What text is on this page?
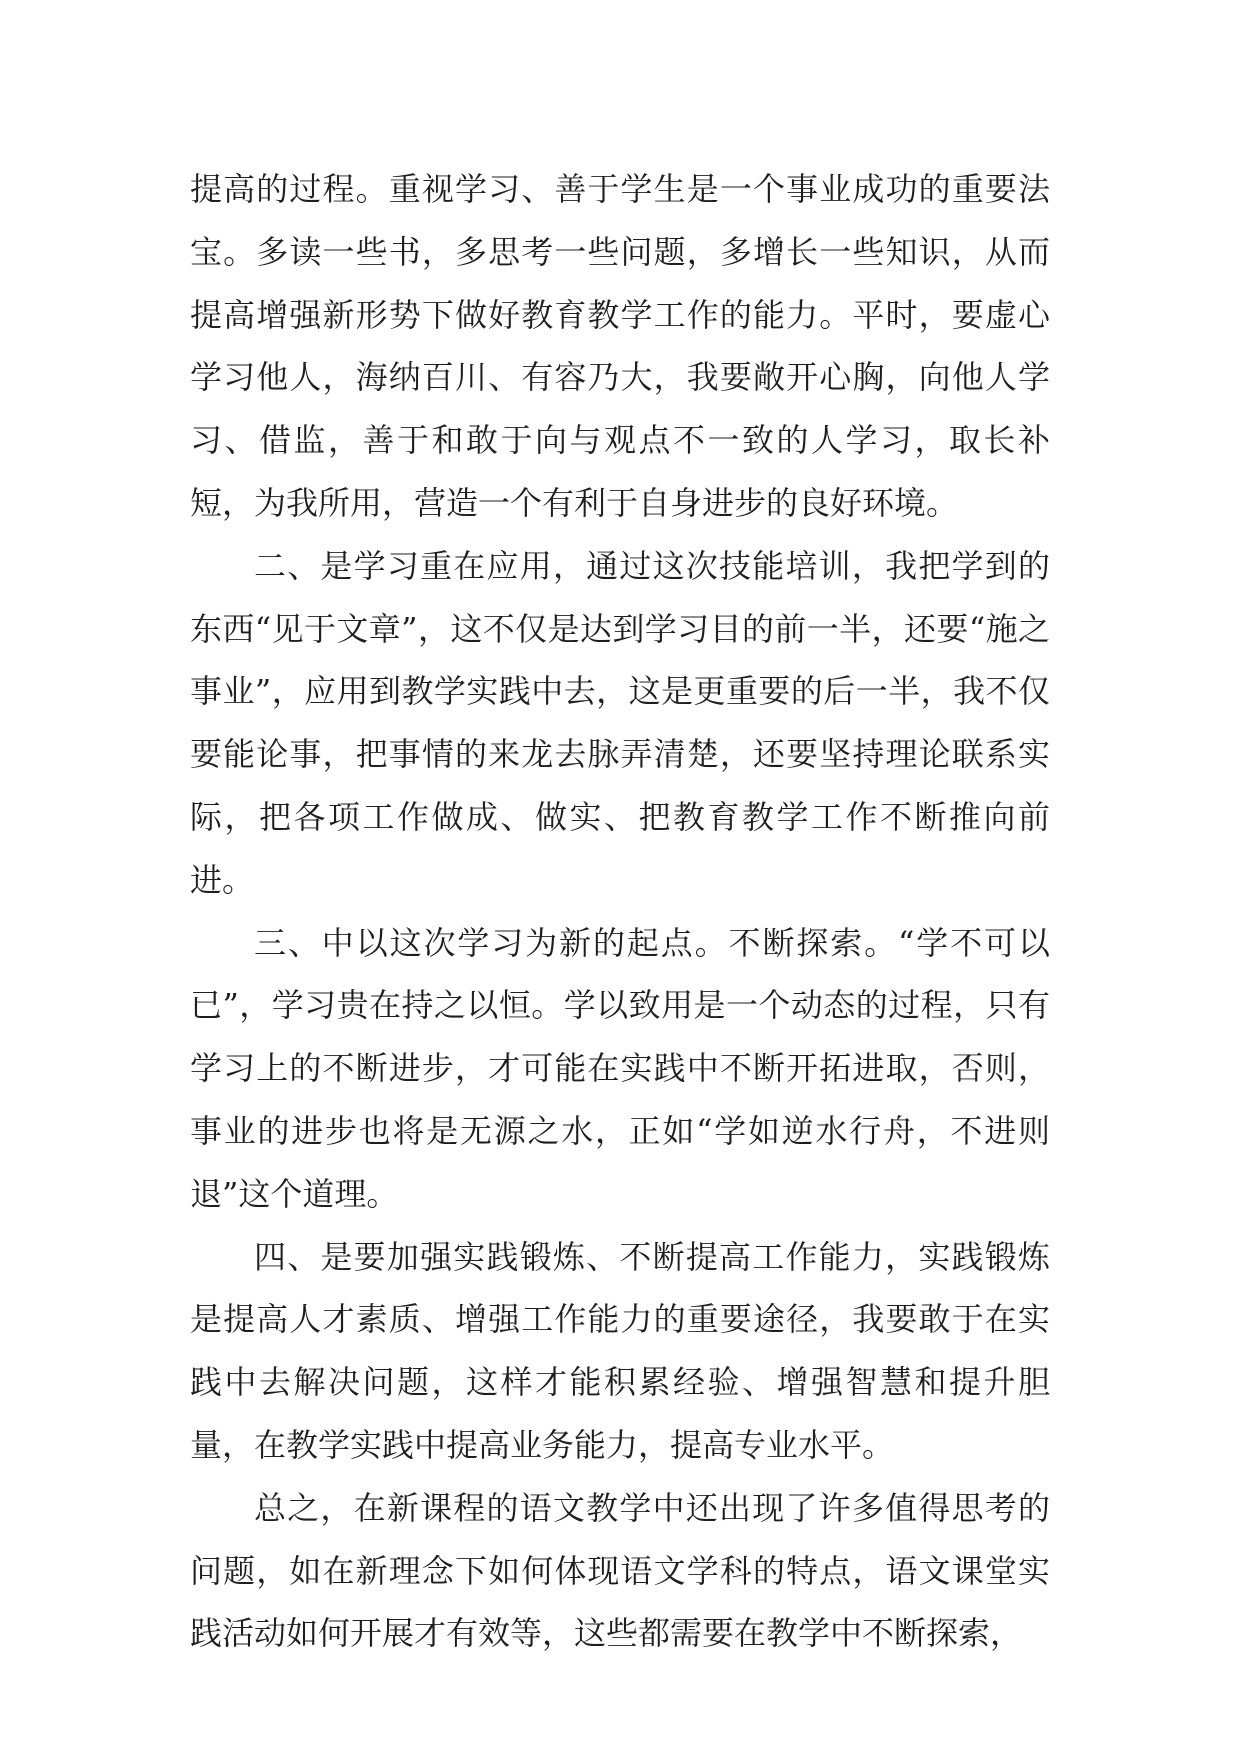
提高的过程。重视学习、善于学生是一个事业成功的重要法宝。多读一些书，多思考一些问题，多增长一些知识，从而提高增强新形势下做好教育教学工作的能力。平时，要虚心学习他人，海纳百川、有容乃大，我要敞开心胸，向他人学习、借监，善于和敢于向与观点不一致的人学习，取长补短，为我所用，营造一个有利于自身进步的良好环境。

二、是学习重在应用，通过这次技能培训，我把学到的东西“见于文章”，这不仅是达到学习目的前一半，还要“施之事业”，应用到教学实践中去，这是更重要的后一半，我不仅要能论事，把事情的来龙去脉弄清楚，还要坚持理论联系实际，把各项工作做成、做实、把教育教学工作不断推向前进。

三、中以这次学习为新的起点。不断探索。“学不可以已”，学习贵在持之以恒。学以致用是一个动态的过程，只有学习上的不断进步，才可能在实践中不断开拓进取，否则，事业的进步也将是无源之水，正如“学如逆水行舟，不进则退”这个道理。

四、是要加强实践锻炼、不断提高工作能力，实践锻炼是提高人才素质、增强工作能力的重要途径，我要敢于在实践中去解决问题，这样才能积累经验、增强智慧和提升胆量，在教学实践中提高业务能力，提高专业水平。

总之，在新课程的语文教学中还出现了许多值得思考的问题，如在新理念下如何体现语文学科的特点，语文课堂实践活动如何开展才有效等，这些都需要在教学中不断探索，
